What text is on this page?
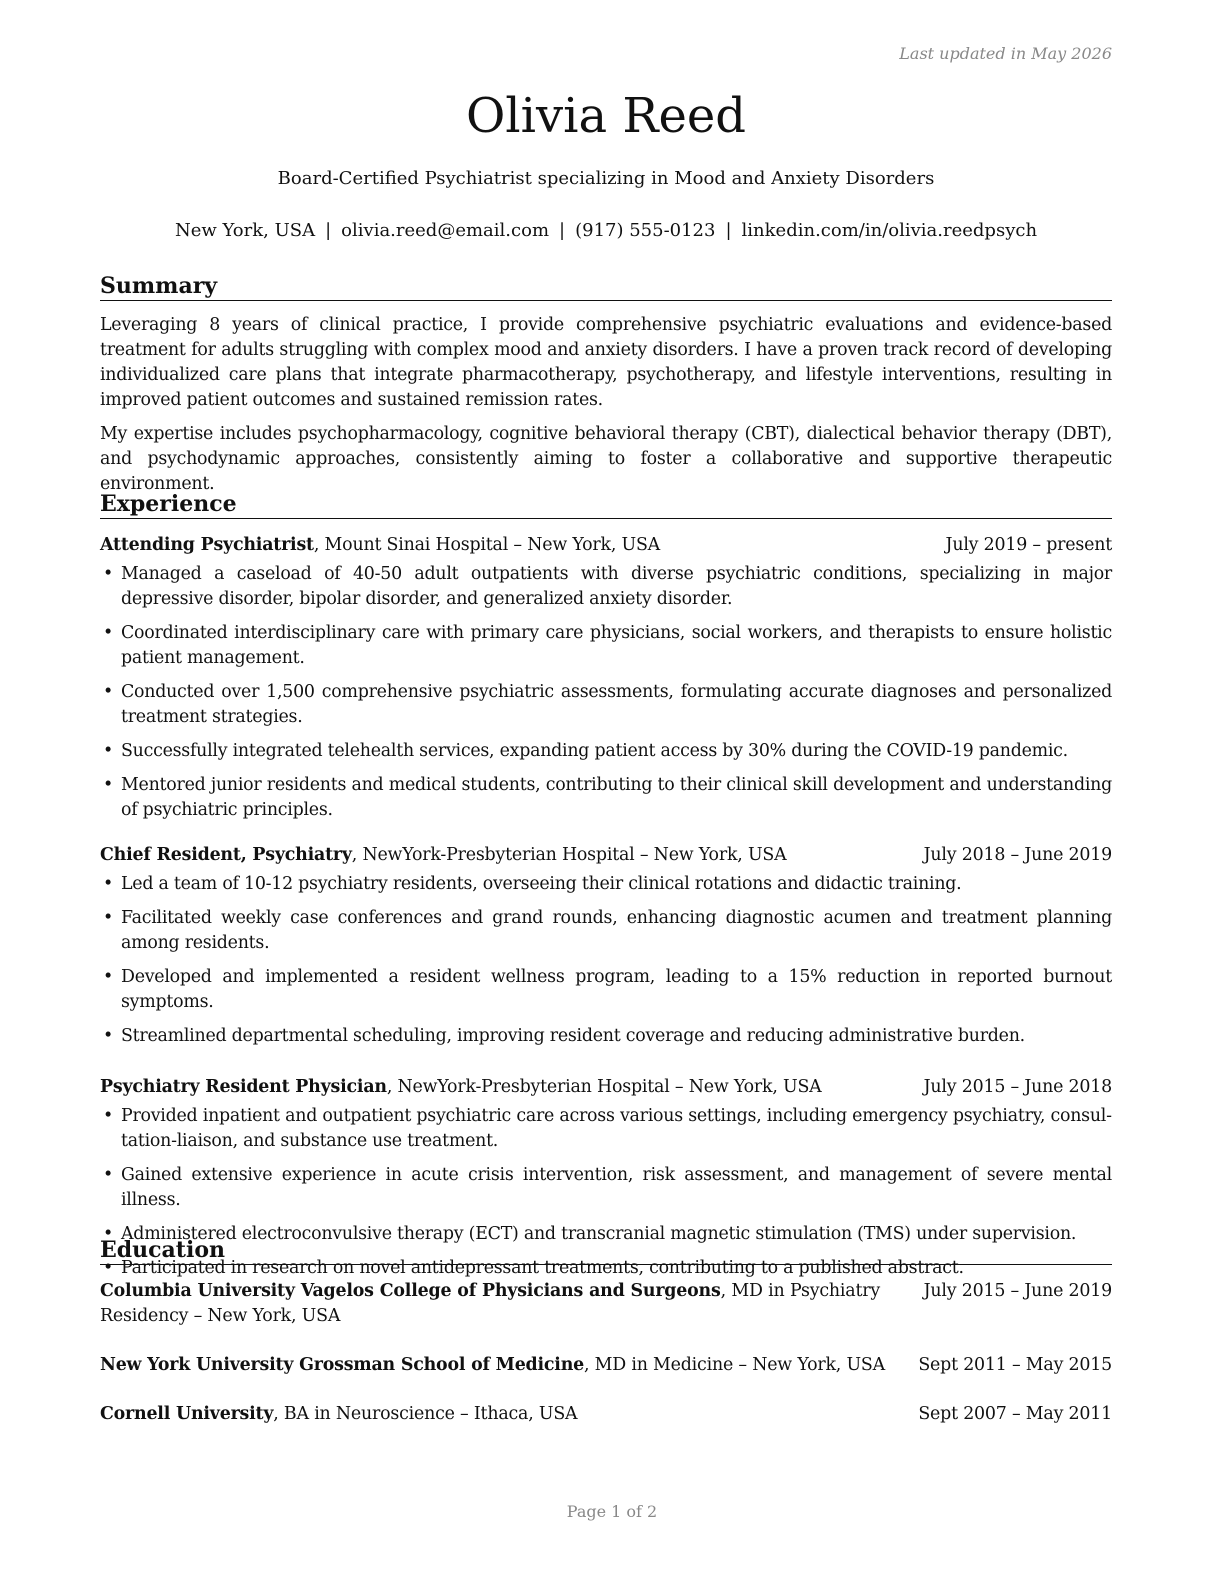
Last updated in May 2026
Olivia Reed
Board-Certified Psychiatrist specializing in Mood and Anxiety Disorders
New York, USA | olivia.reed@email.com | (917) 555-0123 | linkedin.com/in/olivia.reedpsych
Summary

Leveraging 8 years of clinical practice, I provide comprehensive psychiatric evaluations and evidence-based treatment for adults struggling with complex mood and anxiety disorders. I have a proven track record of developing individualized care plans that integrate pharmacotherapy, psychotherapy, and lifestyle interventions, resulting in improved patient outcomes and sustained remission rates.

My expertise includes psychopharmacology, cognitive behavioral therapy (CBT), dialectical behavior therapy (DBT), and psychodynamic approaches, consistently aiming to foster a collaborative and supportive therapeutic environment.

Experience
Attending Psychiatrist, Mount Sinai Hospital – New York, USA	July 2019 – present
• Managed a caseload of 40-50 adult outpatients with diverse psychiatric conditions, specializing in major depressive disorder, bipolar disorder, and generalized anxiety disorder.
• Coordinated interdisciplinary care with primary care physicians, social workers, and therapists to ensure holistic patient management.
• Conducted over 1,500 comprehensive psychiatric assessments, formulating accurate diagnoses and personalized treatment strategies.
• Successfully integrated telehealth services, expanding patient access by 30% during the COVID-19 pandemic.
• Mentored junior residents and medical students, contributing to their clinical skill development and understanding of psychiatric principles.
Chief Resident, Psychiatry, NewYork-Presbyterian Hospital – New York, USA	July 2018 – June 2019
• Led a team of 10-12 psychiatry residents, overseeing their clinical rotations and didactic training.
• Facilitated weekly case conferences and grand rounds, enhancing diagnostic acumen and treatment planning among residents.
• Developed and implemented a resident wellness program, leading to a 15% reduction in reported burnout symptoms.
• Streamlined departmental scheduling, improving resident coverage and reducing administrative burden.
Psychiatry Resident Physician, NewYork-Presbyterian Hospital – New York, USA	July 2015 – June 2018
• Provided inpatient and outpatient psychiatric care across various settings, including emergency psychiatry, consultation-liaison, and substance use treatment.
• Gained extensive experience in acute crisis intervention, risk assessment, and management of severe mental illness.
• Administered electroconvulsive therapy (ECT) and transcranial magnetic stimulation (TMS) under supervision.
• Participated in research on novel antidepressant treatments, contributing to a published abstract.
Education
Columbia University Vagelos College of Physicians and Surgeons, MD in Psychiatry Residency – New York, USA
July 2015 – June 2019
New York University Grossman School of Medicine, MD in Medicine – New York, USA	Sept 2011 – May 2015
Cornell University, BA in Neuroscience – Ithaca, USA	Sept 2007 – May 2011
Page 1 of 2
